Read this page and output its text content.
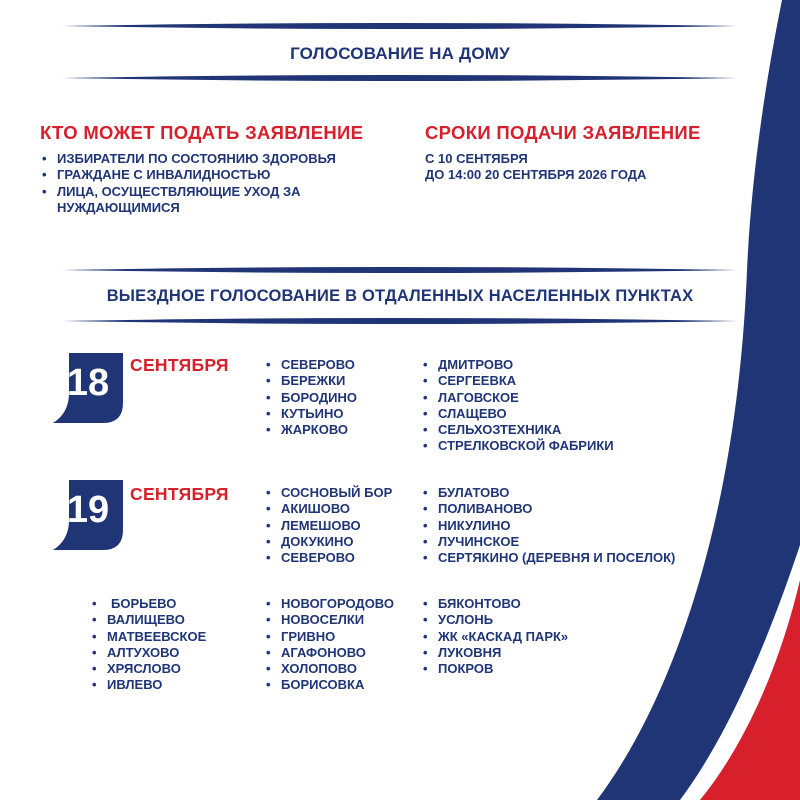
ГОЛОСОВАНИЕ НА ДОМУ
КТО МОЖЕТ ПОДАТЬ ЗАЯВЛЕНИЕ
• ИЗБИРАТЕЛИ ПО СОСТОЯНИЮ ЗДОРОВЬЯ
• ГРАЖДАНЕ С ИНВАЛИДНОСТЬЮ
• ЛИЦА, ОСУЩЕСТВЛЯЮЩИЕ УХОД ЗА НУЖДАЮЩИМИСЯ
СРОКИ ПОДАЧИ ЗАЯВЛЕНИЕ
С 10 СЕНТЯБРЯ
ДО 14:00 20 СЕНТЯБРЯ 2026 ГОДА
ВЫЕЗДНОЕ ГОЛОСОВАНИЕ В ОТДАЛЕННЫХ НАСЕЛЕННЫХ ПУНКТАХ
18	СЕНТЯБРЯ	• СЕВЕРОВО
• БЕРЕЖКИ
• БОРОДИНО
• КУТЬИНО
• ЖАРКОВО
• ДМИТРОВО
• СЕРГЕЕВКА
• ЛАГОВСКОЕ
• СЛАЩЕВО
• СЕЛЬХОЗТЕХНИКА
• СТРЕЛКОВСКОЙ ФАБРИКИ
19	СЕНТЯБРЯ	• СОСНОВЫЙ БОР
• АКИШОВО
• ЛЕМЕШОВО
• ДОКУКИНО
• СЕВЕРОВО
• БУЛАТОВО
• ПОЛИВАНОВО
• НИКУЛИНО
• ЛУЧИНСКОЕ
• СЕРТЯКИНО (ДЕРЕВНЯ И ПОСЕЛОК)
• БОРЬЕВО
• ВАЛИЩЕВО
• МАТВЕЕВСКОЕ
• АЛТУХОВО
• ХРЯСЛОВО
• ИВЛЕВО
• НОВОГОРОДОВО
• НОВОСЕЛКИ
• ГРИВНО
• АГАФОНОВО
• ХОЛОПОВО
• БОРИСОВКА
• БЯКОНТОВО
• УСЛОНЬ
• ЖК «КАСКАД ПАРК»
• ЛУКОВНЯ
• ПОКРОВ
